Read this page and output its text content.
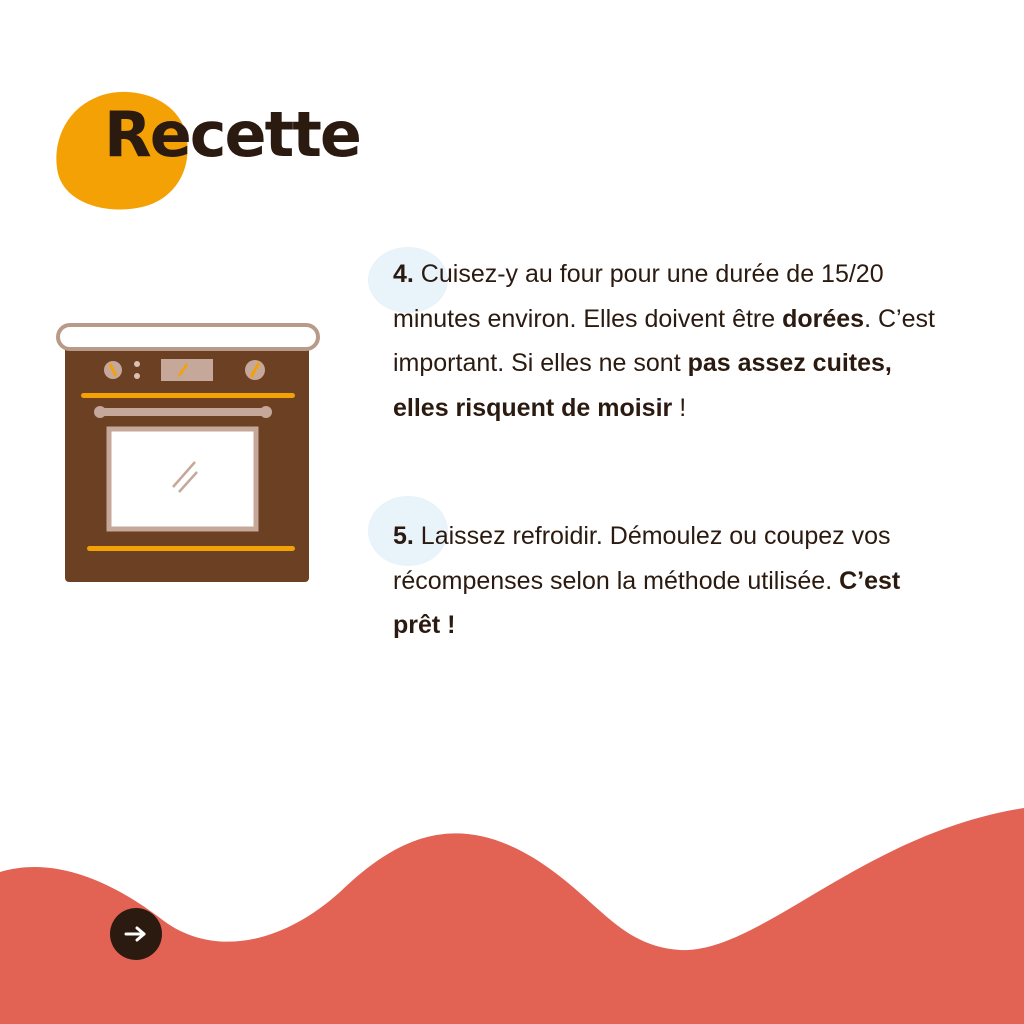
Recette

4. Cuisez-y au four pour une durée de 15/20 minutes environ. Elles doivent être dorées. C’est important. Si elles ne sont pas assez cuites, elles risquent de moisir !

5. Laissez refroidir. Démoulez ou coupez vos récompenses selon la méthode utilisée. C’est prêt !
